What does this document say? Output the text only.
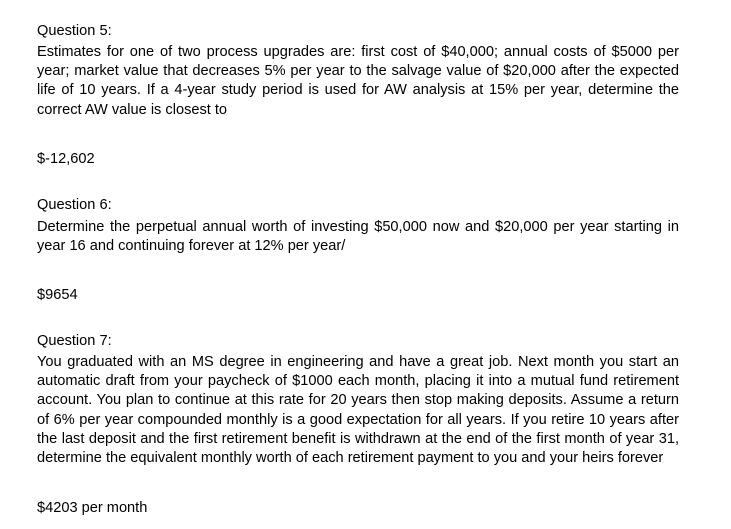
Question 5:
Estimates for one of two process upgrades are: first cost of $40,000; annual costs of $5000 per year; market value that decreases 5% per year to the salvage value of $20,000 after the expected life of 10 years. If a 4-year study period is used for AW analysis at 15% per year, determine the correct AW value is closest to
$-12,602
Question 6:
Determine the perpetual annual worth of investing $50,000 now and $20,000 per year starting in year 16 and continuing forever at 12% per year/
$9654
Question 7:
You graduated with an MS degree in engineering and have a great job. Next month you start an automatic draft from your paycheck of $1000 each month, placing it into a mutual fund retirement account. You plan to continue at this rate for 20 years then stop making deposits. Assume a return of 6% per year compounded monthly is a good expectation for all years. If you retire 10 years after the last deposit and the first retirement benefit is withdrawn at the end of the first month of year 31, determine the equivalent monthly worth of each retirement payment to you and your heirs forever
$4203 per month
